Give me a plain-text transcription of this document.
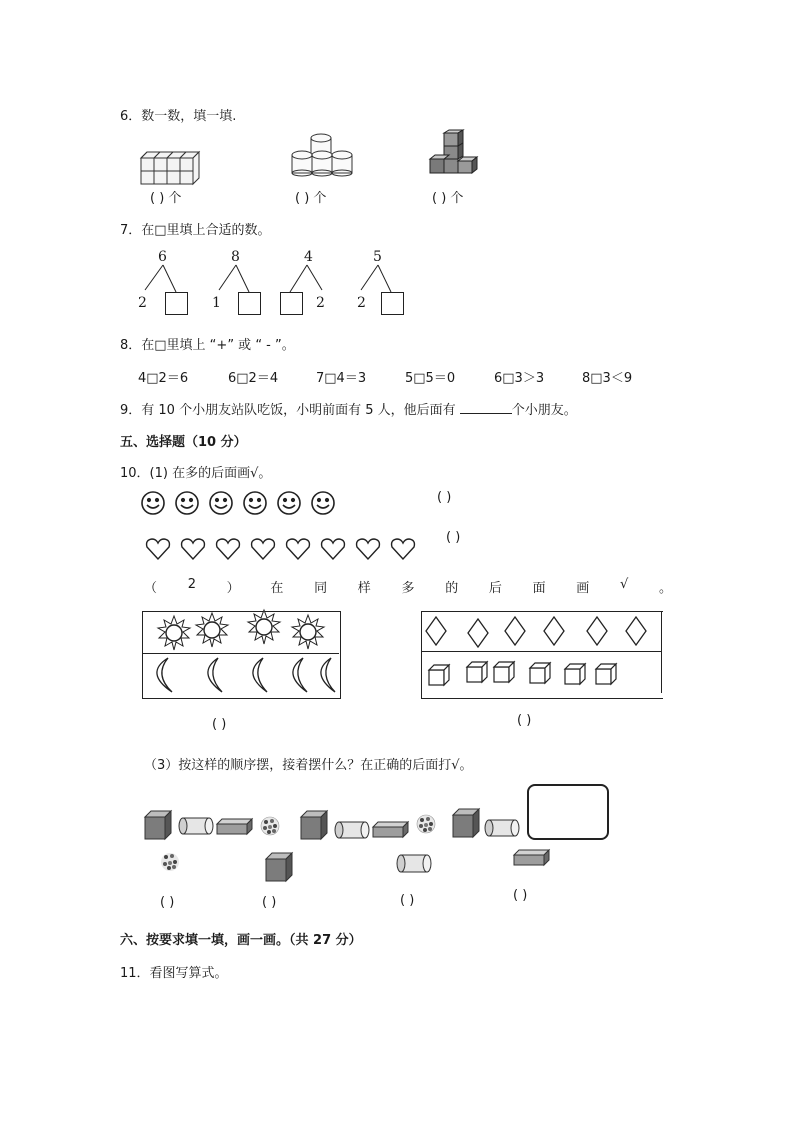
6．数一数，填一填.
( ) 个	( ) 个	( ) 个
7．在□里填上合适的数。
6
2
8
1
4
2
5
2
8．在□里填上 “+” 或 “ - ”。
4□2＝6	6□2＝4	7□4＝3	5□5＝0	6□3＞3	8□3＜9
9．有 10 个小朋友站队吃饭，小明前面有 5 人，他后面有	个小朋友。
五、选择题（10 分）
10．(1) 在多的后面画√。
( )
( )
（ 2 ） 在 同 样 多 的 后 面 画 √ 。
( )	( )
（3）按这样的顺序摆，接着摆什么？在正确的后面打√。
( )	( )	( )	( )
六、按要求填一填，画一画。（共 27 分）
11．看图写算式。
